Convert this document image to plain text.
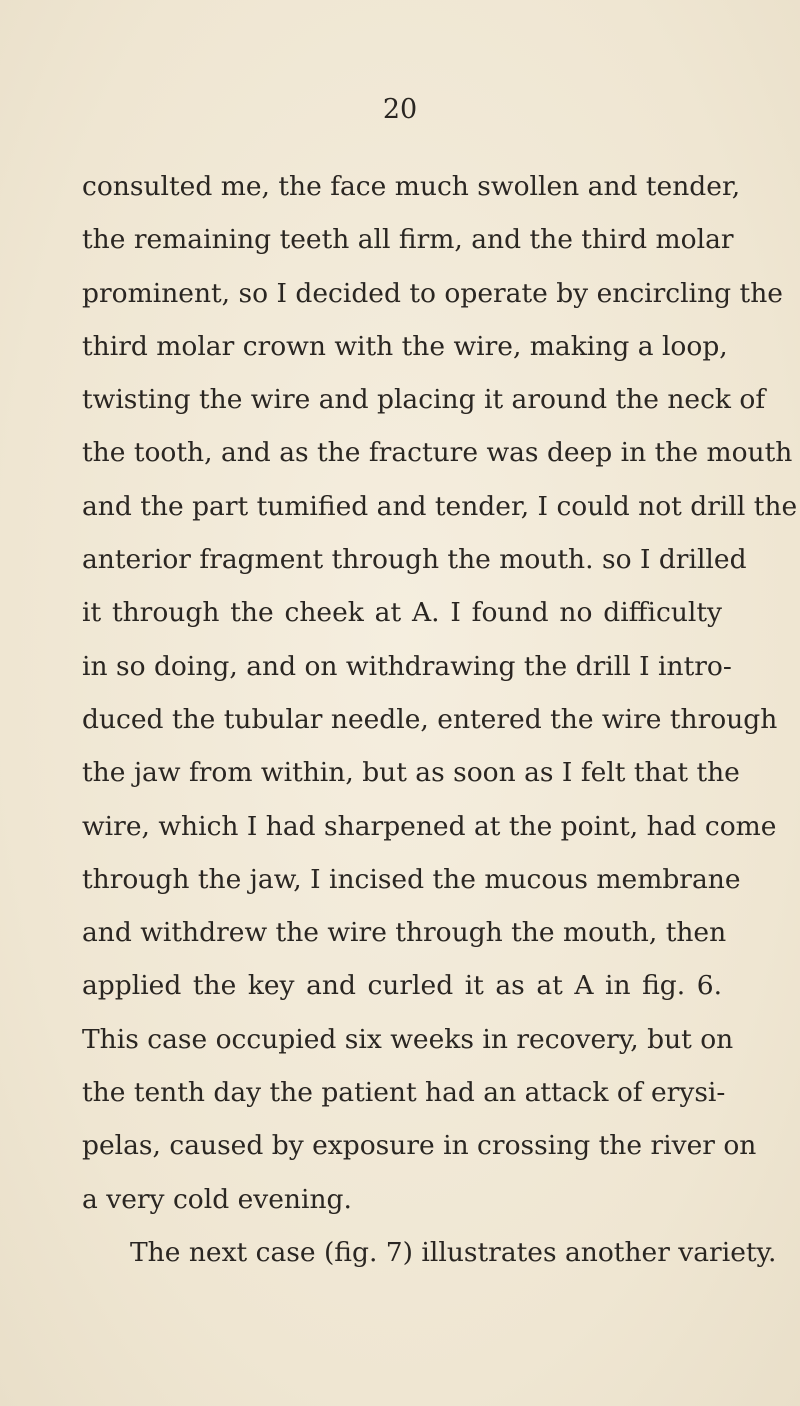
20
consulted me, the face much swollen and tender,
the remaining teeth all firm, and the third molar
prominent, so I decided to operate by encircling the
third molar crown with the wire, making a loop,
twisting the wire and placing it around the neck of
the tooth, and as the fracture was deep in the mouth
and the part tumified and tender, I could not drill the
anterior fragment through the mouth. so I drilled
it through the cheek at A. I found no difficulty
in so doing, and on withdrawing the drill I intro-
duced the tubular needle, entered the wire through
the jaw from within, but as soon as I felt that the
wire, which I had sharpened at the point, had come
through the jaw, I incised the mucous membrane
and withdrew the wire through the mouth, then
applied the key and curled it as at A in fig. 6.
This case occupied six weeks in recovery, but on
the tenth day the patient had an attack of erysi-
pelas, caused by exposure in crossing the river on
a very cold evening.
The next case (fig. 7) illustrates another variety.
